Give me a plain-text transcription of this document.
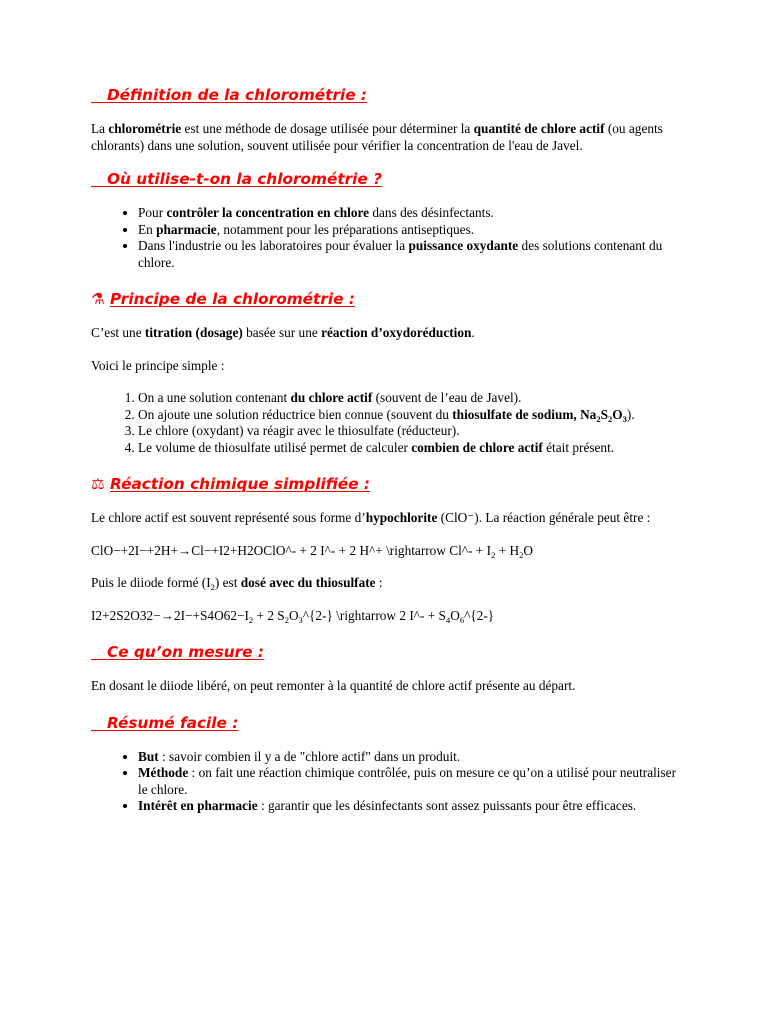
Définition de la chlorométrie :

La chlorométrie est une méthode de dosage utilisée pour déterminer la quantité de chlore actif (ou agents chlorants) dans une solution, souvent utilisée pour vérifier la concentration de l'eau de Javel.

Où utilise-t-on la chlorométrie ?
• Pour contrôler la concentration en chlore dans des désinfectants.
• En pharmacie, notamment pour les préparations antiseptiques.
• Dans l'industrie ou les laboratoires pour évaluer la puissance oxydante des solutions contenant du chlore.
⚗ Principe de la chlorométrie :

C’est une titration (dosage) basée sur une réaction d’oxydoréduction.

Voici le principe simple :

1. On a une solution contenant du chlore actif (souvent de l’eau de Javel).
2. On ajoute une solution réductrice bien connue (souvent du thiosulfate de sodium, $Na_2S_2O_3$).
3. Le chlore (oxydant) va réagir avec le thiosulfate (réducteur).
4. Le volume de thiosulfate utilisé permet de calculer combien de chlore actif était présent.
⚖ Réaction chimique simplifiée :

Le chlore actif est souvent représenté sous forme d’hypochlorite (ClO⁻). La réaction générale peut être :

ClO−+2I−+2H+→Cl−+I2+H2OClO^- + 2 I^- + 2 H^+ \rightarrow Cl^- + $I_2 + H_2O$

Puis le diiode formé $(I_2)$ est dosé avec du thiosulfate :

$I2+2S2O32-\to 2I-+S4O62-I_2 + 2$ $S_2O_3\^{}\{2-\}$ \rightarrow 2 I^- + $S_4O_6\^{}\{2-\}$

Ce qu’on mesure :

En dosant le diiode libéré, on peut remonter à la quantité de chlore actif présente au départ.

Résumé facile :
• But : savoir combien il y a de "chlore actif" dans un produit.
• Méthode : on fait une réaction chimique contrôlée, puis on mesure ce qu’on a utilisé pour neutraliser le chlore.
• Intérêt en pharmacie : garantir que les désinfectants sont assez puissants pour être efficaces.
